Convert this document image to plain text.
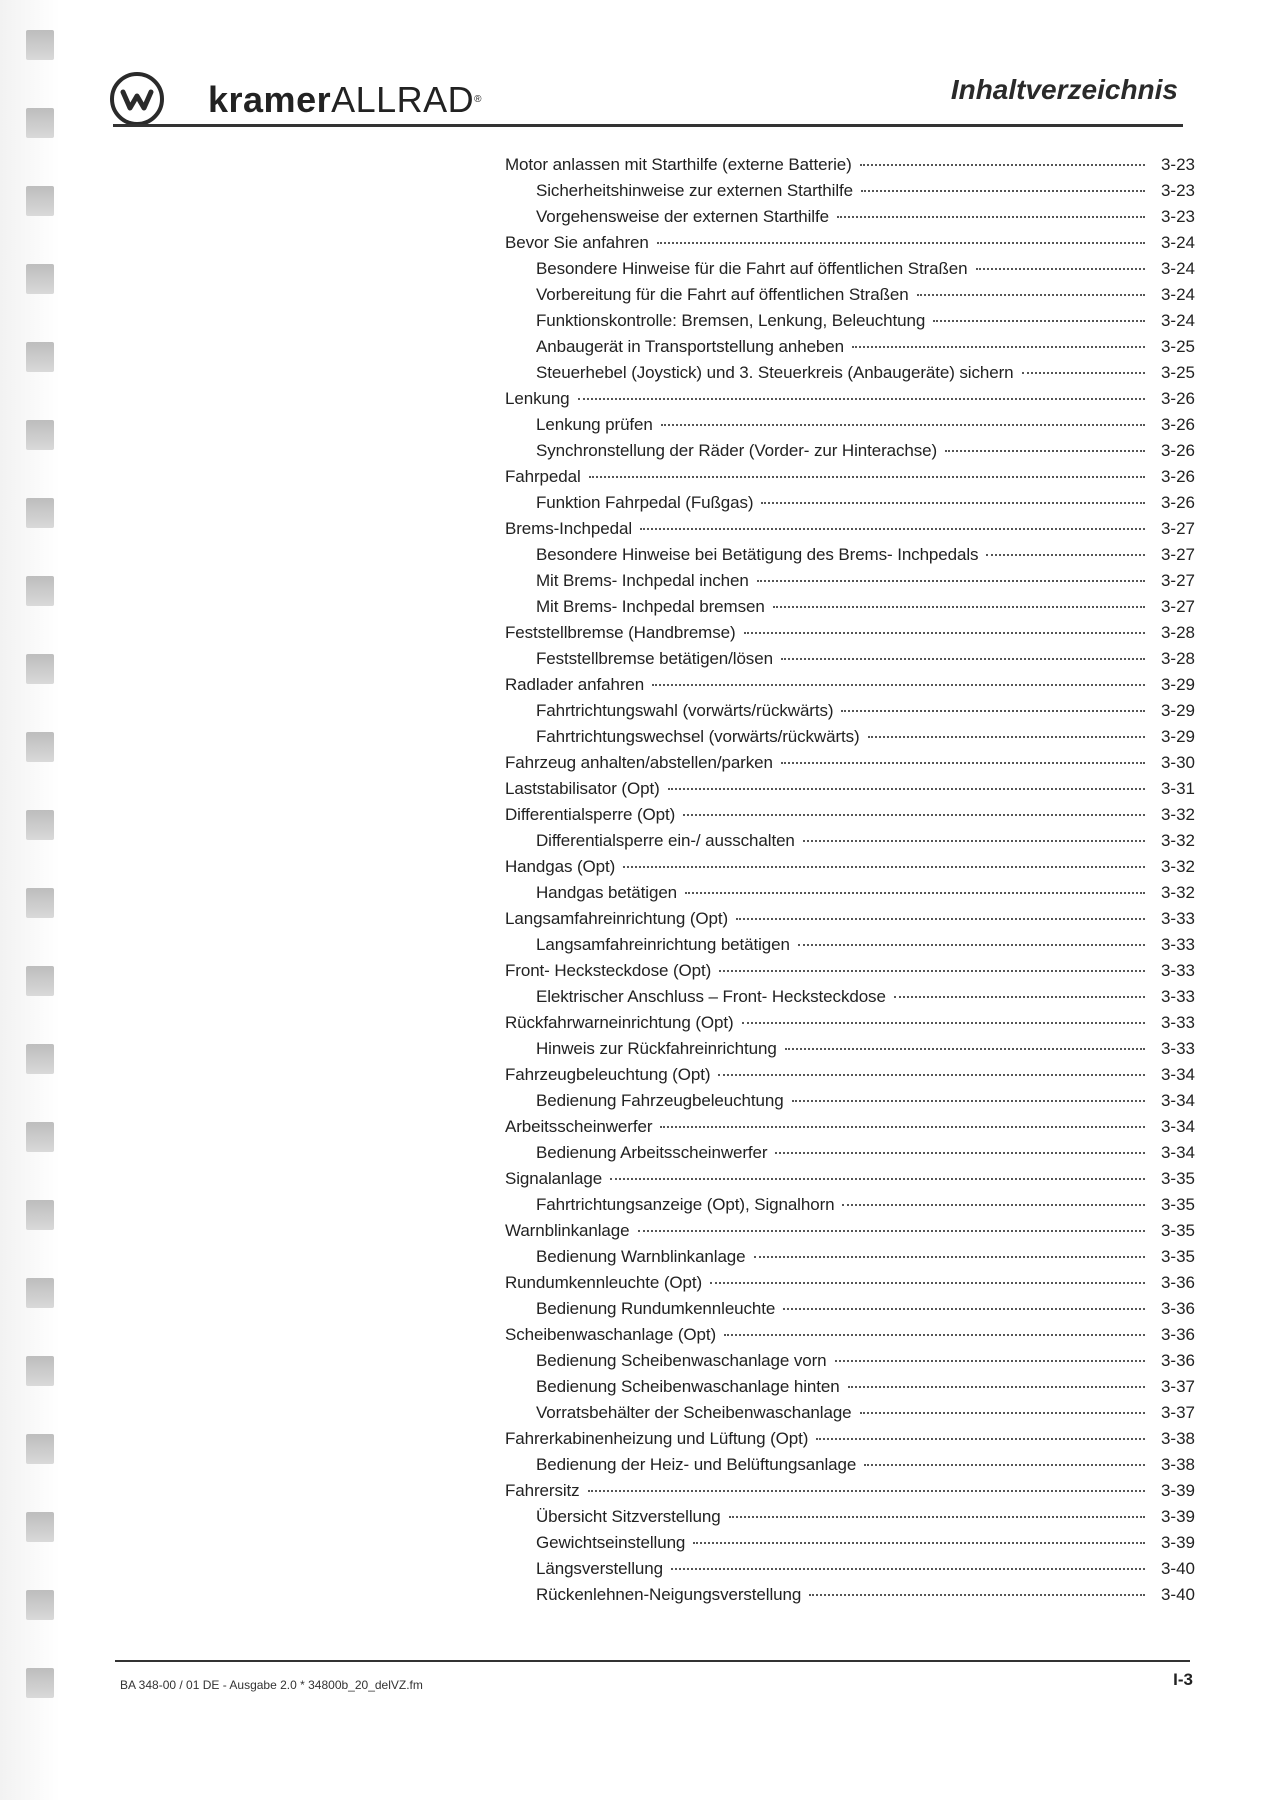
kramerALLRAD®	Inhaltverzeichnis
Motor anlassen mit Starthilfe (externe Batterie)	3-23
Sicherheitshinweise zur externen Starthilfe	3-23
Vorgehensweise der externen Starthilfe	3-23
Bevor Sie anfahren	3-24
Besondere Hinweise für die Fahrt auf öffentlichen Straßen	3-24
Vorbereitung für die Fahrt auf öffentlichen Straßen	3-24
Funktionskontrolle: Bremsen, Lenkung, Beleuchtung	3-24
Anbaugerät in Transportstellung anheben	3-25
Steuerhebel (Joystick) und 3. Steuerkreis (Anbaugeräte) sichern	3-25
Lenkung	3-26
Lenkung prüfen	3-26
Synchronstellung der Räder (Vorder- zur Hinterachse)	3-26
Fahrpedal	3-26
Funktion Fahrpedal (Fußgas)	3-26
Brems-Inchpedal	3-27
Besondere Hinweise bei Betätigung des Brems- Inchpedals	3-27
Mit Brems- Inchpedal inchen	3-27
Mit Brems- Inchpedal bremsen	3-27
Feststellbremse (Handbremse)	3-28
Feststellbremse betätigen/lösen	3-28
Radlader anfahren	3-29
Fahrtrichtungswahl (vorwärts/rückwärts)	3-29
Fahrtrichtungswechsel (vorwärts/rückwärts)	3-29
Fahrzeug anhalten/abstellen/parken	3-30
Laststabilisator (Opt)	3-31
Differentialsperre (Opt)	3-32
Differentialsperre ein-/ ausschalten	3-32
Handgas (Opt)	3-32
Handgas betätigen	3-32
Langsamfahreinrichtung (Opt)	3-33
Langsamfahreinrichtung betätigen	3-33
Front- Hecksteckdose (Opt)	3-33
Elektrischer Anschluss – Front- Hecksteckdose	3-33
Rückfahrwarneinrichtung (Opt)	3-33
Hinweis zur Rückfahreinrichtung	3-33
Fahrzeugbeleuchtung (Opt)	3-34
Bedienung Fahrzeugbeleuchtung	3-34
Arbeitsscheinwerfer	3-34
Bedienung Arbeitsscheinwerfer	3-34
Signalanlage	3-35
Fahrtrichtungsanzeige (Opt), Signalhorn	3-35
Warnblinkanlage	3-35
Bedienung Warnblinkanlage	3-35
Rundumkennleuchte (Opt)	3-36
Bedienung Rundumkennleuchte	3-36
Scheibenwaschanlage (Opt)	3-36
Bedienung Scheibenwaschanlage vorn	3-36
Bedienung Scheibenwaschanlage hinten	3-37
Vorratsbehälter der Scheibenwaschanlage	3-37
Fahrerkabinenheizung und Lüftung (Opt)	3-38
Bedienung der Heiz- und Belüftungsanlage	3-38
Fahrersitz	3-39
Übersicht Sitzverstellung	3-39
Gewichtseinstellung	3-39
Längsverstellung	3-40
Rückenlehnen-Neigungsverstellung	3-40
BA 348-00 / 01 DE - Ausgabe 2.0 * 34800b_20_delVZ.fm	I-3
